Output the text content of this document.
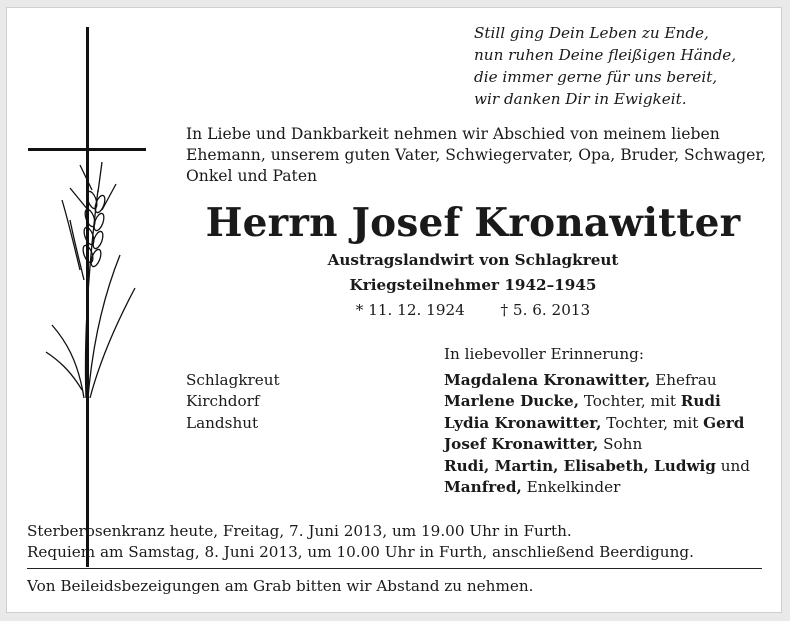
Still ging Dein Leben zu Ende,
nun ruhen Deine fleißigen Hände,
die immer gerne für uns bereit,
wir danken Dir in Ewigkeit.
In Liebe und Dankbarkeit nehmen wir Abschied von meinem lieben
Ehemann, unserem guten Vater, Schwiegervater, Opa, Bruder, Schwager,
Onkel und Paten
Herrn Josef Kronawitter
Austragslandwirt von Schlagkreut
Kriegsteilnehmer 1942–1945
* 11. 12. 1924 † 5. 6. 2013
Schlagkreut
Kirchdorf
Landshut
In liebevoller Erinnerung:
Magdalena Kronawitter, Ehefrau
Marlene Ducke, Tochter, mit Rudi
Lydia Kronawitter, Tochter, mit Gerd
Josef Kronawitter, Sohn
Rudi, Martin, Elisabeth, Ludwig und
Manfred, Enkelkinder
Sterberosenkranz heute, Freitag, 7. Juni 2013, um 19.00 Uhr in Furth.
Requiem am Samstag, 8. Juni 2013, um 10.00 Uhr in Furth, anschließend Beerdigung.
Von Beileidsbezeigungen am Grab bitten wir Abstand zu nehmen.
